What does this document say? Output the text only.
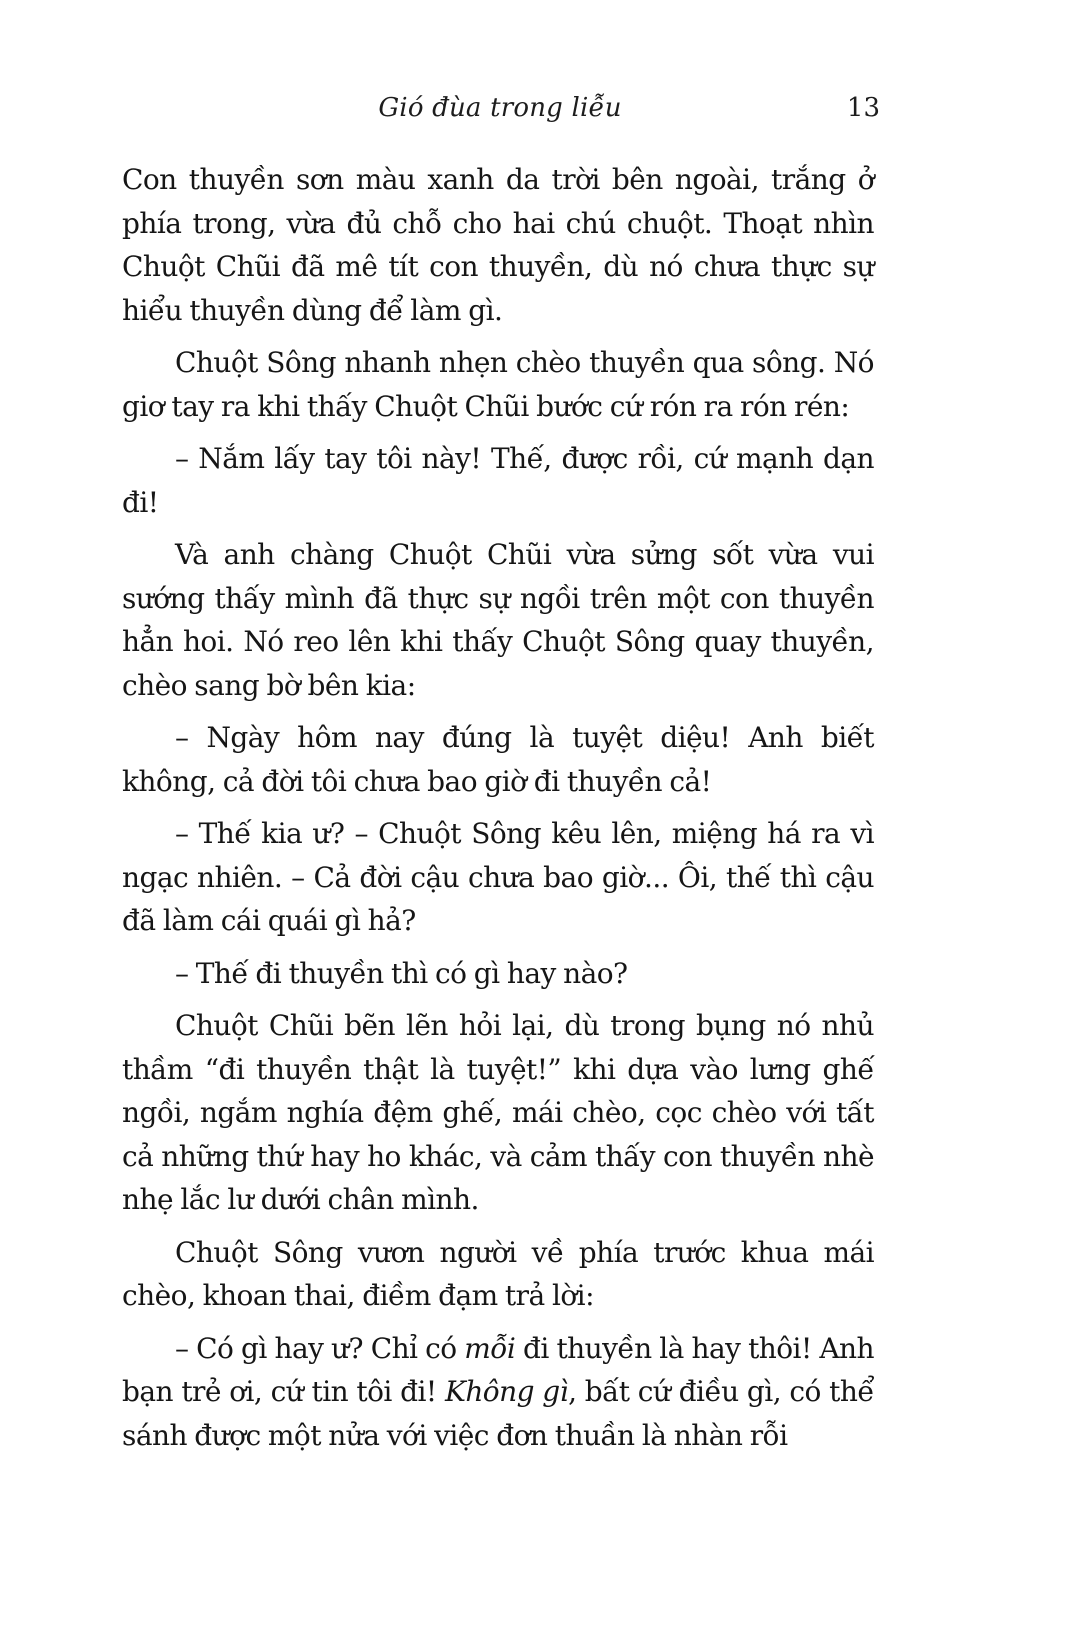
Gió đùa trong liễu	13

Con thuyền sơn màu xanh da trời bên ngoài, trắng ở phía trong, vừa đủ chỗ cho hai chú chuột. Thoạt nhìn Chuột Chũi đã mê tít con thuyền, dù nó chưa thực sự hiểu thuyền dùng để làm gì.

Chuột Sông nhanh nhẹn chèo thuyền qua sông. Nó giơ tay ra khi thấy Chuột Chũi bước cứ rón ra rón rén:

– Nắm lấy tay tôi này! Thế, được rồi, cứ mạnh dạn đi!

Và anh chàng Chuột Chũi vừa sửng sốt vừa vui sướng thấy mình đã thực sự ngồi trên một con thuyền hẳn hoi. Nó reo lên khi thấy Chuột Sông quay thuyền, chèo sang bờ bên kia:

– Ngày hôm nay đúng là tuyệt diệu! Anh biết không, cả đời tôi chưa bao giờ đi thuyền cả!

– Thế kia ư? – Chuột Sông kêu lên, miệng há ra vì ngạc nhiên. – Cả đời cậu chưa bao giờ... Ôi, thế thì cậu đã làm cái quái gì hả?

– Thế đi thuyền thì có gì hay nào?

Chuột Chũi bẽn lẽn hỏi lại, dù trong bụng nó nhủ thầm “đi thuyền thật là tuyệt!” khi dựa vào lưng ghế ngồi, ngắm nghía đệm ghế, mái chèo, cọc chèo với tất cả những thứ hay ho khác, và cảm thấy con thuyền nhè nhẹ lắc lư dưới chân mình.

Chuột Sông vươn người về phía trước khua mái chèo, khoan thai, điềm đạm trả lời:

– Có gì hay ư? Chỉ có mỗi đi thuyền là hay thôi! Anh bạn trẻ ơi, cứ tin tôi đi! Không gì, bất cứ điều gì, có thể sánh được một nửa với việc đơn thuần là nhàn rỗi
